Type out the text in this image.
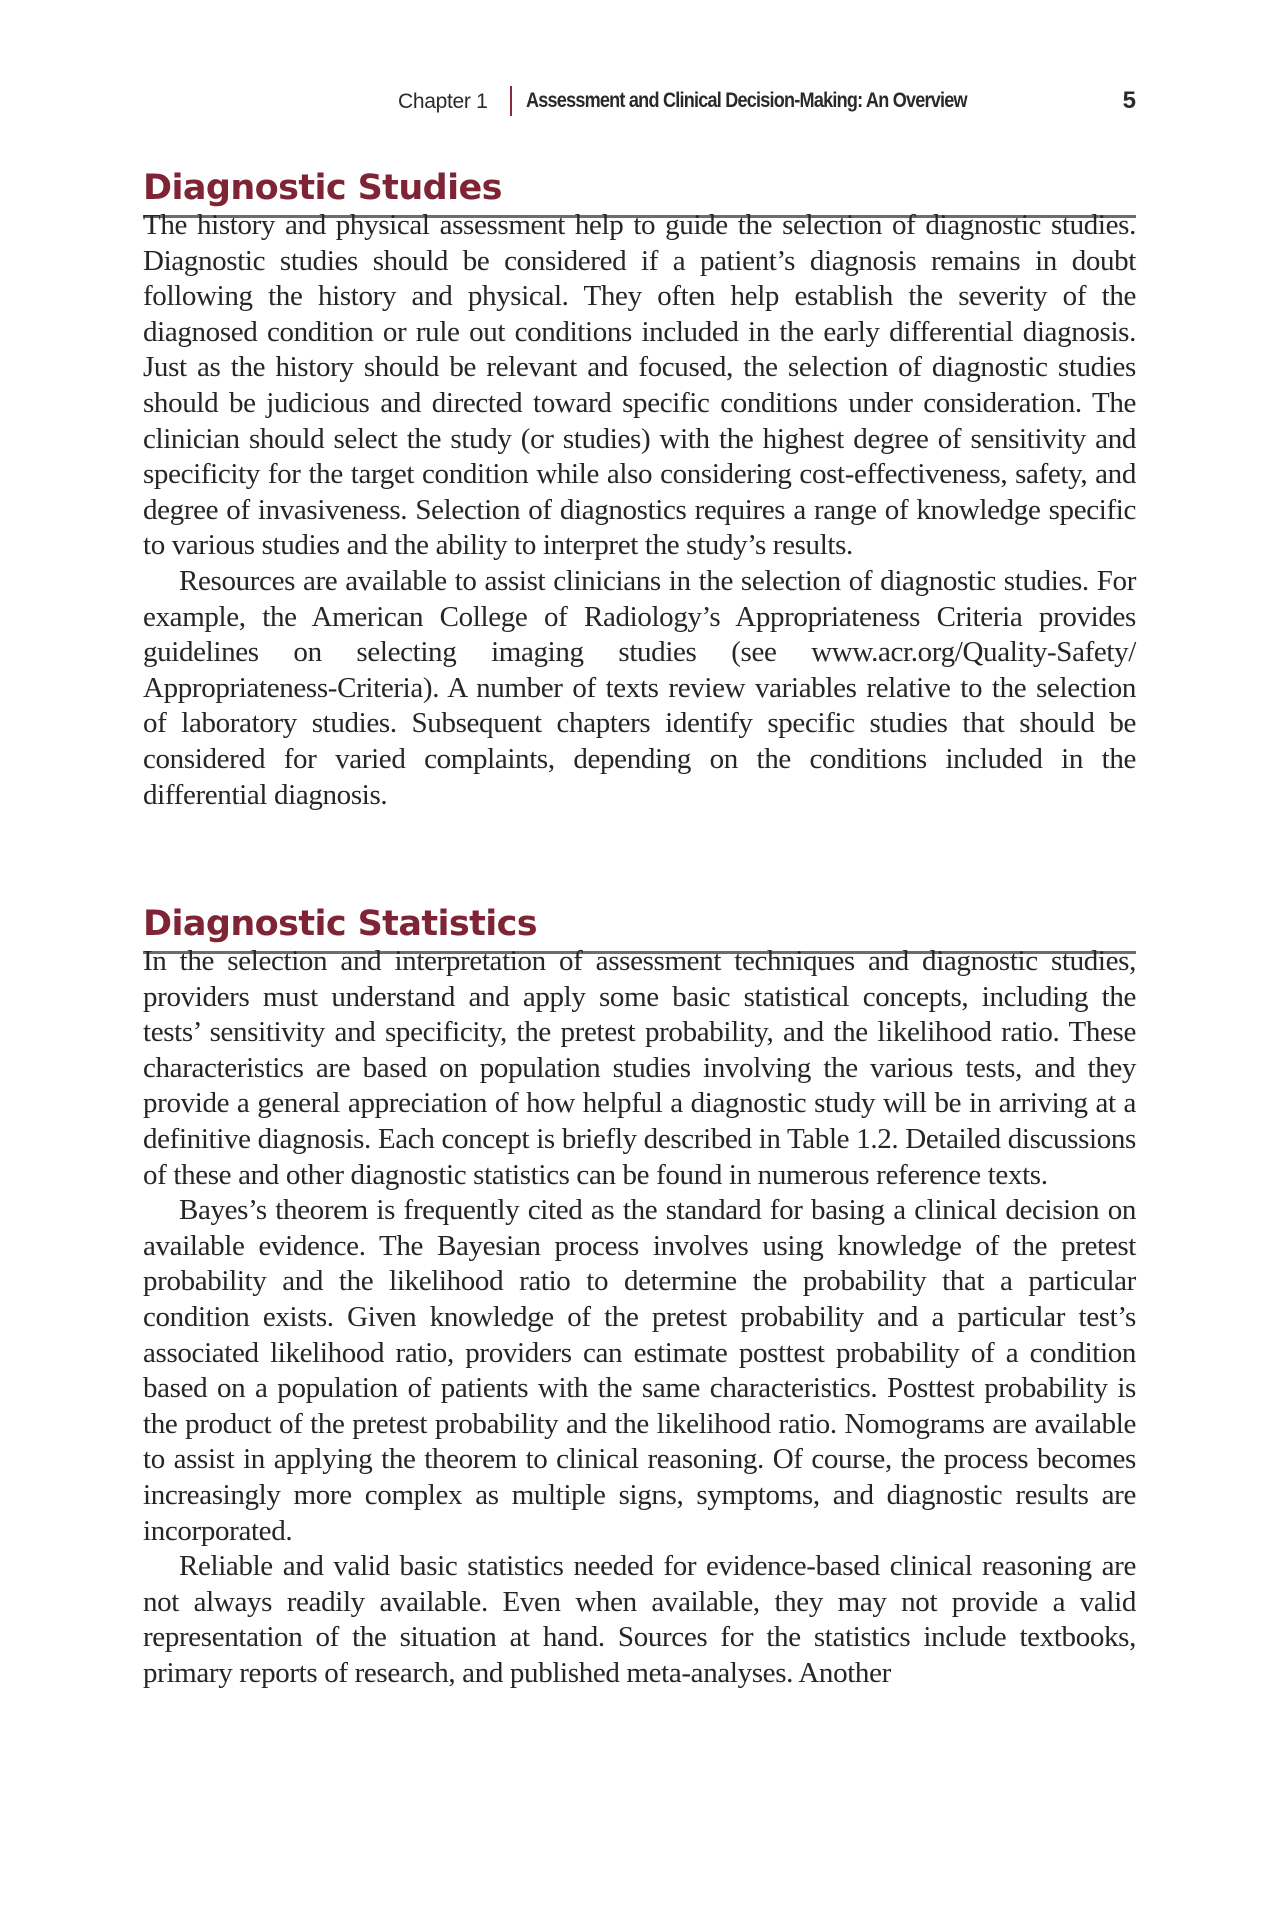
Chapter 1 Assessment and Clinical Decision-Making: An Overview	5
Diagnostic Studies

The history and physical assessment help to guide the selection of diagnostic studies. Diagnostic studies should be considered if a patient’s diagnosis remains in doubt following the history and physical. They often help establish the severity of the diagnosed condition or rule out conditions included in the early differential diagnosis. Just as the history should be relevant and focused, the selection of diagnostic studies should be judicious and directed toward specific conditions under consideration. The clinician should select the study (or studies) with the highest degree of sensitivity and specificity for the target condition while also considering cost-effectiveness, safety, and degree of invasiveness. Selection of diagnostics requires a range of knowledge specific to various studies and the ability to interpret the study’s results.

Resources are available to assist clinicians in the selection of diagnostic studies. For example, the American College of Radiology’s Appropriateness Criteria provides guidelines on selecting imaging studies (see www.acr.org/Quality-Safety/ Appropriateness-Criteria). A number of texts review variables relative to the selection of laboratory studies. Subsequent chapters identify specific studies that should be considered for varied complaints, depending on the conditions included in the differential diagnosis.

Diagnostic Statistics

In the selection and interpretation of assessment techniques and diagnostic studies, providers must understand and apply some basic statistical concepts, including the tests’ sensitivity and specificity, the pretest probability, and the likelihood ratio. These characteristics are based on population studies involving the various tests, and they provide a general appreciation of how helpful a diagnostic study will be in arriving at a definitive diagnosis. Each concept is briefly described in Table 1.2. Detailed discussions of these and other diagnostic statistics can be found in numerous reference texts.

Bayes’s theorem is frequently cited as the standard for basing a clinical decision on available evidence. The Bayesian process involves using knowledge of the pretest probability and the likelihood ratio to determine the probability that a particular condition exists. Given knowledge of the pretest probability and a particular test’s associated likelihood ratio, providers can estimate posttest probability of a condition based on a population of patients with the same characteristics. Posttest probability is the product of the pretest probability and the likelihood ratio. Nomograms are available to assist in applying the theorem to clinical reasoning. Of course, the process becomes increasingly more complex as multiple signs, symptoms, and diagnostic results are incorporated.

Reliable and valid basic statistics needed for evidence-based clinical reasoning are not always readily available. Even when available, they may not provide a valid representation of the situation at hand. Sources for the statistics include textbooks, primary reports of research, and published meta-analyses. Another
